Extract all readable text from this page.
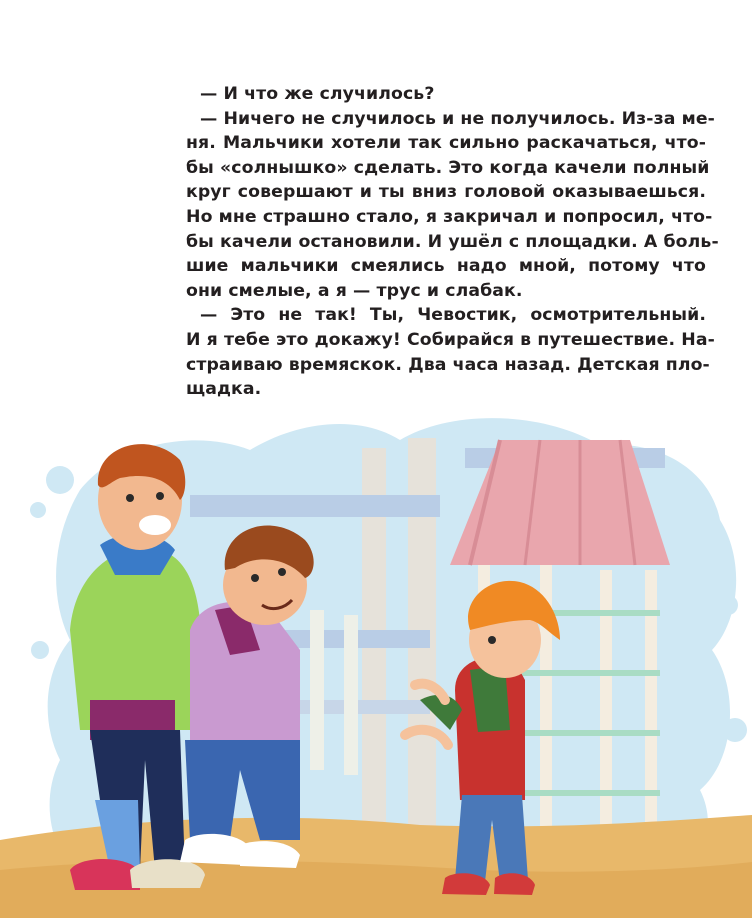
— И что же случилось?
— Ничего не случилось и не получилось. Из-за ме-
ня. Мальчики хотели так сильно раскачаться, что-
бы «солнышко» сделать. Это когда качели полный
круг совершают и ты вниз головой оказываешься.
Но мне страшно стало, я закричал и попросил, что-
бы качели остановили. И ушёл с площадки. А боль-
шие мальчики смеялись надо мной, потому что
они смелые, а я — трус и слабак.
— Это не так! Ты, Чевостик, осмотрительный.
И я тебе это докажу! Собирайся в путешествие. На-
страиваю времяскок. Два часа назад. Детская пло-
щадка.
